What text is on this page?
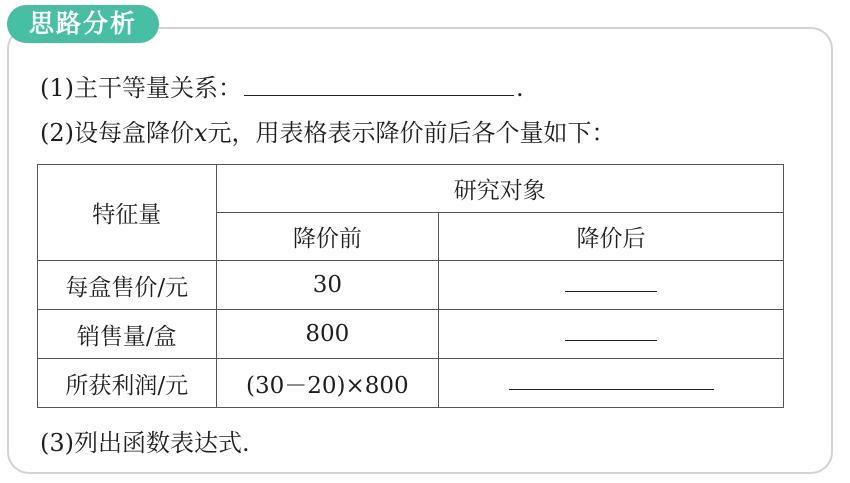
思路分析
(1)主干等量关系：	.
(2)设每盒降价x元，用表格表示降价前后各个量如下：
特征量	研究对象	
	降价前	降价后
每盒售价/元	30	
销售量/盒	800	
所获利润/元	(30－20)×800	
(3)列出函数表达式.
